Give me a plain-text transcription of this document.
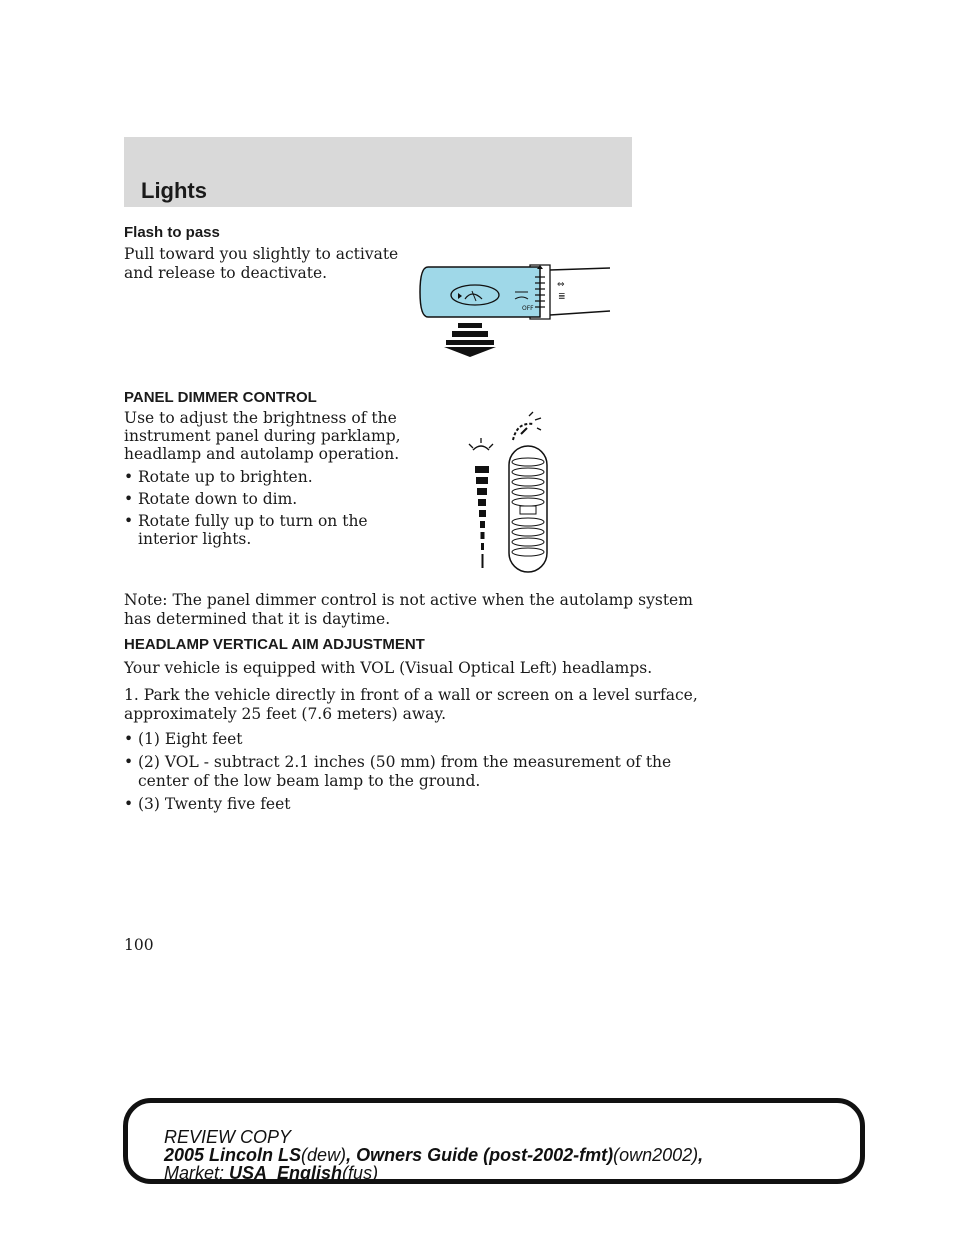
Lights
Flash to pass
Pull toward you slightly to activate
and release to deactivate.
OFF
⇔
≣
PANEL DIMMER CONTROL
Use to adjust the brightness of the
instrument panel during parklamp,
headlamp and autolamp operation.
• Rotate up to brighten.
• Rotate down to dim.
• Rotate fully up to turn on the
interior lights.
Note: The panel dimmer control is not active when the autolamp system
has determined that it is daytime.
HEADLAMP VERTICAL AIM ADJUSTMENT
Your vehicle is equipped with VOL (Visual Optical Left) headlamps.
1. Park the vehicle directly in front of a wall or screen on a level surface,
approximately 25 feet (7.6 meters) away.
• (1) Eight feet
• (2) VOL - subtract 2.1 inches (50 mm) from the measurement of the
center of the low beam lamp to the ground.
• (3) Twenty five feet
100
REVIEW COPY
2005 Lincoln LS(dew), Owners Guide (post-2002-fmt)(own2002),
Market: USA_English(fus)
